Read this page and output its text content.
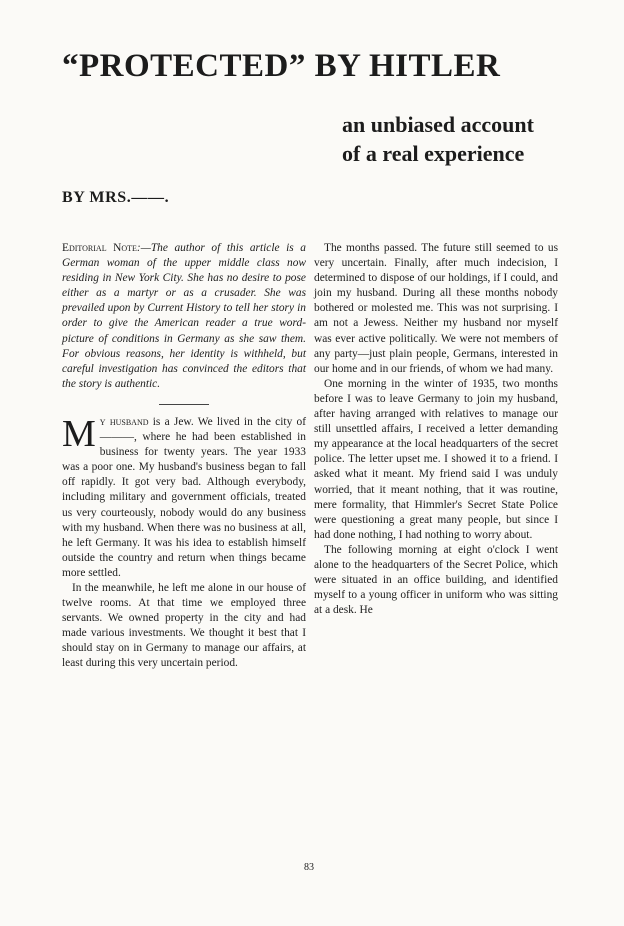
“PROTECTED” BY HITLER
an unbiased account
of a real experience
BY MRS.——.

Editorial Note:—The author of this article is a German woman of the upper middle class now residing in New York City. She has no desire to pose either as a martyr or as a crusader. She was prevailed upon by Current History to tell her story in order to give the American reader a true word-picture of conditions in Germany as she saw them. For obvious reasons, her identity is withheld, but careful investigation has convinced the editors that the story is authentic.

My husband is a Jew. We lived in the city of ———, where he had been established in business for twenty years. The year 1933 was a poor one. My husband's business began to fall off rapidly. It got very bad. Although everybody, including military and government officials, treated us very courteously, nobody would do any business with my husband. When there was no business at all, he left Germany. It was his idea to establish himself outside the country and return when things became more settled.

In the meanwhile, he left me alone in our house of twelve rooms. At that time we employed three servants. We owned property in the city and had made various investments. We thought it best that I should stay on in Germany to manage our affairs, at least during this very uncertain period.

The months passed. The future still seemed to us very uncertain. Finally, after much indecision, I determined to dispose of our holdings, if I could, and join my husband. During all these months nobody bothered or molested me. This was not surprising. I am not a Jewess. Neither my husband nor myself was ever active politically. We were not members of any party—just plain people, Germans, interested in our home and in our friends, of whom we had many.

One morning in the winter of 1935, two months before I was to leave Germany to join my husband, after having arranged with relatives to manage our still unsettled affairs, I received a letter demanding my appearance at the local headquarters of the secret police. The letter upset me. I showed it to a friend. I asked what it meant. My friend said I was unduly worried, that it meant nothing, that it was routine, mere formality, that Himmler's Secret State Police were questioning a great many people, but since I had done nothing, I had nothing to worry about.

The following morning at eight o'clock I went alone to the headquarters of the Secret Police, which were situated in an office building, and identified myself to a young officer in uniform who was sitting at a desk. He

83
